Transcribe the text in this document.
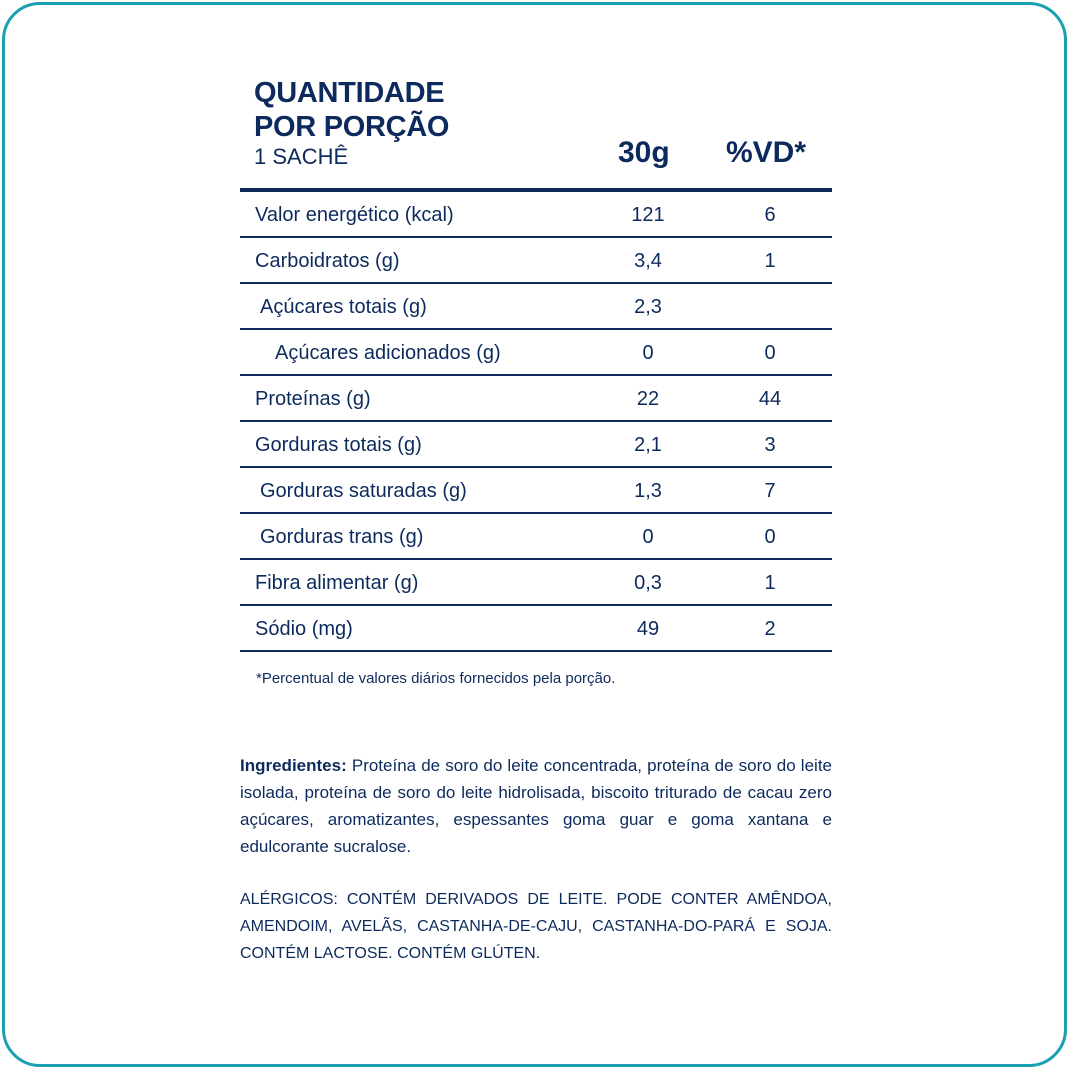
QUANTIDADE
POR PORÇÃO
1 SACHÊ	30g %VD*
Valor energético (kcal)	121	6
Carboidratos (g)	3,4	1
Açúcares totais (g)	2,3
Açúcares adicionados (g)	0	0
Proteínas (g)	22	44
Gorduras totais (g)	2,1	3
Gorduras saturadas (g)	1,3	7
Gorduras trans (g)	0	0
Fibra alimentar (g)	0,3	1
Sódio (mg)	49	2
*Percentual de valores diários fornecidos pela porção.
Ingredientes: Proteína de soro do leite concentrada, proteína de soro do leite isolada, proteína de soro do leite hidrolisada, biscoito triturado de cacau zero açúcares, aromatizantes, espessantes goma guar e goma xantana e edulcorante sucralose.
ALÉRGICOS: CONTÉM DERIVADOS DE LEITE. PODE CONTER AMÊNDOA, AMENDOIM, AVELÃS, CASTANHA-DE-CAJU, CASTANHA-DO-PARÁ E SOJA. CONTÉM LACTOSE. CONTÉM GLÚTEN.
